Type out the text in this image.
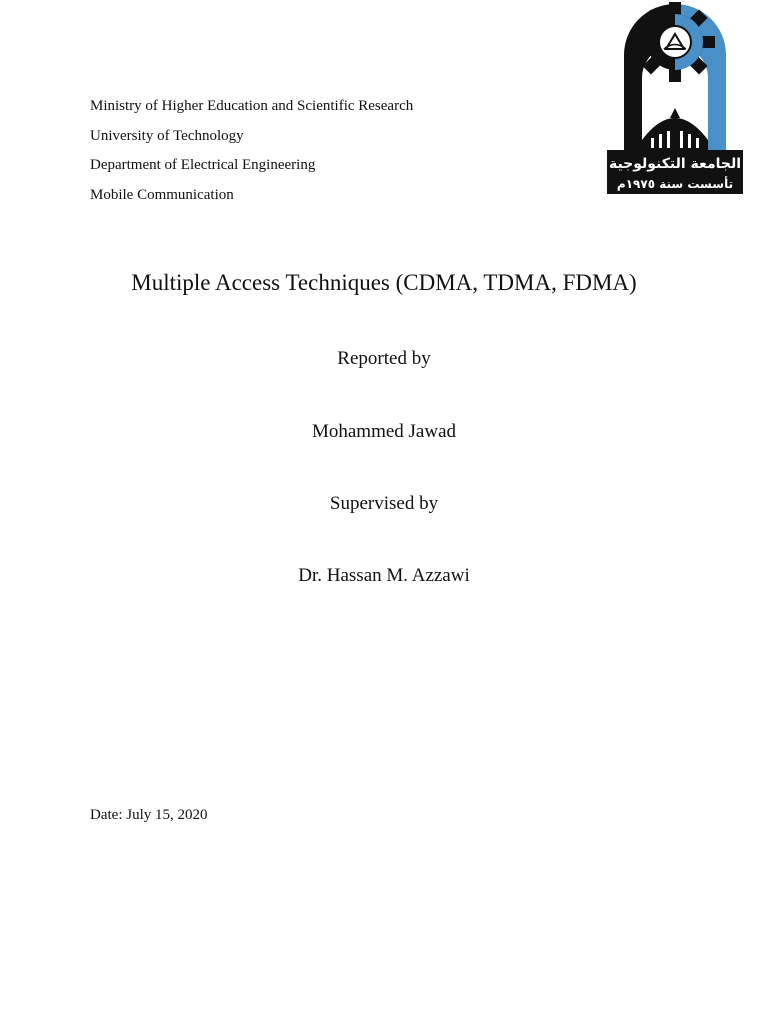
Ministry of Higher Education and Scientific Research
University of Technology
Department of Electrical Engineering
Mobile Communication
الجامعة التكنولوجية
تأسست سنة ١٩٧٥م
Multiple Access Techniques (CDMA, TDMA, FDMA)
Reported by
Mohammed Jawad
Supervised by
Dr. Hassan M. Azzawi
Date: July 15, 2020
